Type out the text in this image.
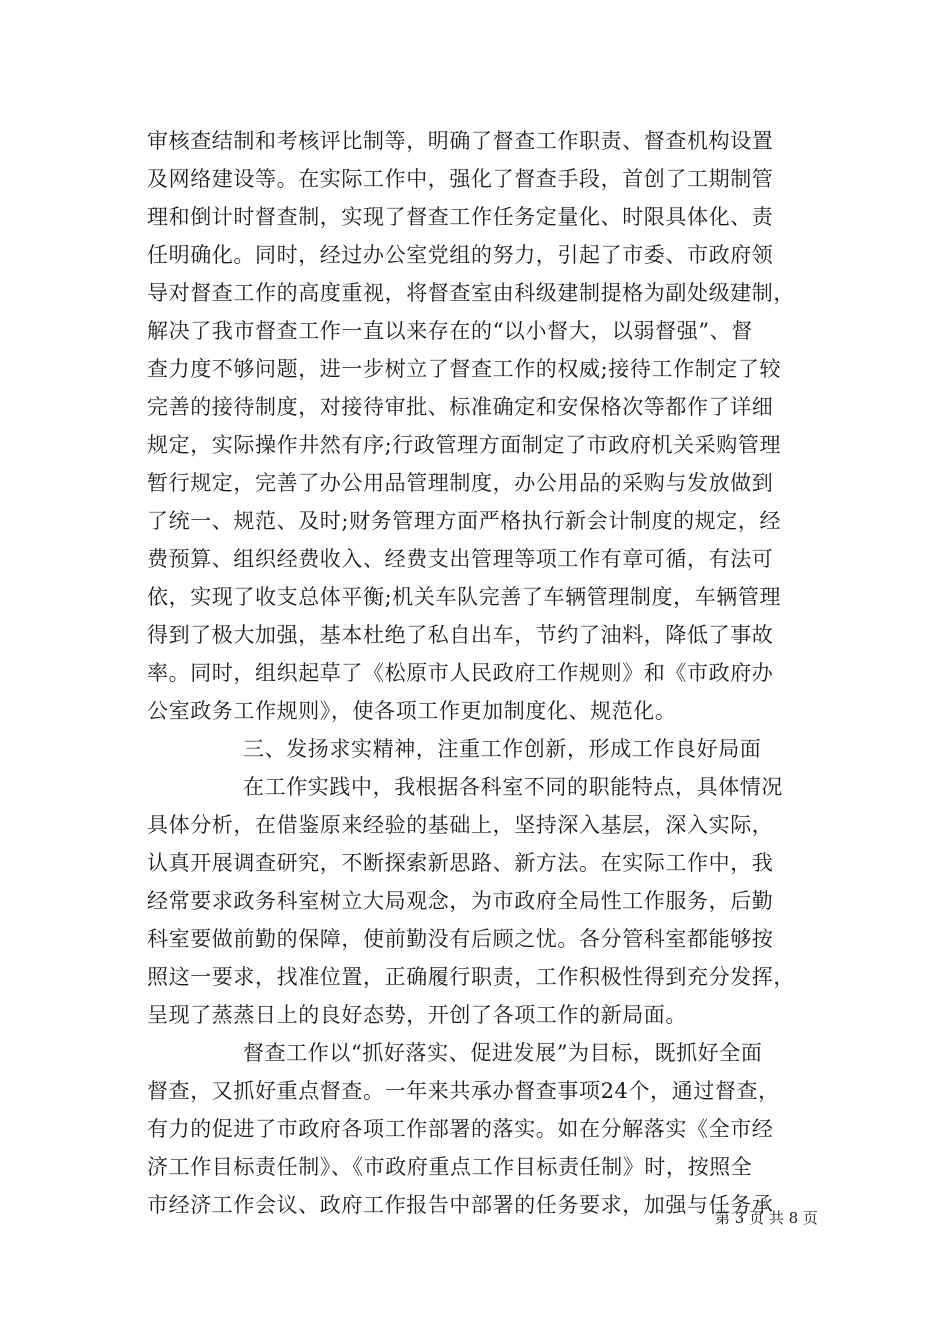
审核查结制和考核评比制等，明确了督查工作职责、督查机构设置
及网络建设等。在实际工作中，强化了督查手段，首创了工期制管
理和倒计时督查制，实现了督查工作任务定量化、时限具体化、责
任明确化。同时，经过办公室党组的努力，引起了市委、市政府领
导对督查工作的高度重视，将督查室由科级建制提格为副处级建制，
解决了我市督查工作一直以来存在的“以小督大，以弱督强”、督
查力度不够问题，进一步树立了督查工作的权威;接待工作制定了较
完善的接待制度，对接待审批、标准确定和安保格次等都作了详细
规定，实际操作井然有序;行政管理方面制定了市政府机关采购管理
暂行规定，完善了办公用品管理制度，办公用品的采购与发放做到
了统一、规范、及时;财务管理方面严格执行新会计制度的规定，经
费预算、组织经费收入、经费支出管理等项工作有章可循，有法可
依，实现了收支总体平衡;机关车队完善了车辆管理制度，车辆管理
得到了极大加强，基本杜绝了私自出车，节约了油料，降低了事故
率。同时，组织起草了《松原市人民政府工作规则》和《市政府办
公室政务工作规则》，使各项工作更加制度化、规范化。
三、发扬求实精神，注重工作创新，形成工作良好局面
在工作实践中，我根据各科室不同的职能特点，具体情况
具体分析，在借鉴原来经验的基础上，坚持深入基层，深入实际，
认真开展调查研究，不断探索新思路、新方法。在实际工作中，我
经常要求政务科室树立大局观念，为市政府全局性工作服务，后勤
科室要做前勤的保障，使前勤没有后顾之忧。各分管科室都能够按
照这一要求，找准位置，正确履行职责，工作积极性得到充分发挥，
呈现了蒸蒸日上的良好态势，开创了各项工作的新局面。
督查工作以“抓好落实、促进发展”为目标，既抓好全面
督查，又抓好重点督查。一年来共承办督查事项24个，通过督查，
有力的促进了市政府各项工作部署的落实。如在分解落实《全市经
济工作目标责任制》、《市政府重点工作目标责任制》时，按照全
市经济工作会议、政府工作报告中部署的任务要求，加强与任务承
第 3 页 共 8 页
